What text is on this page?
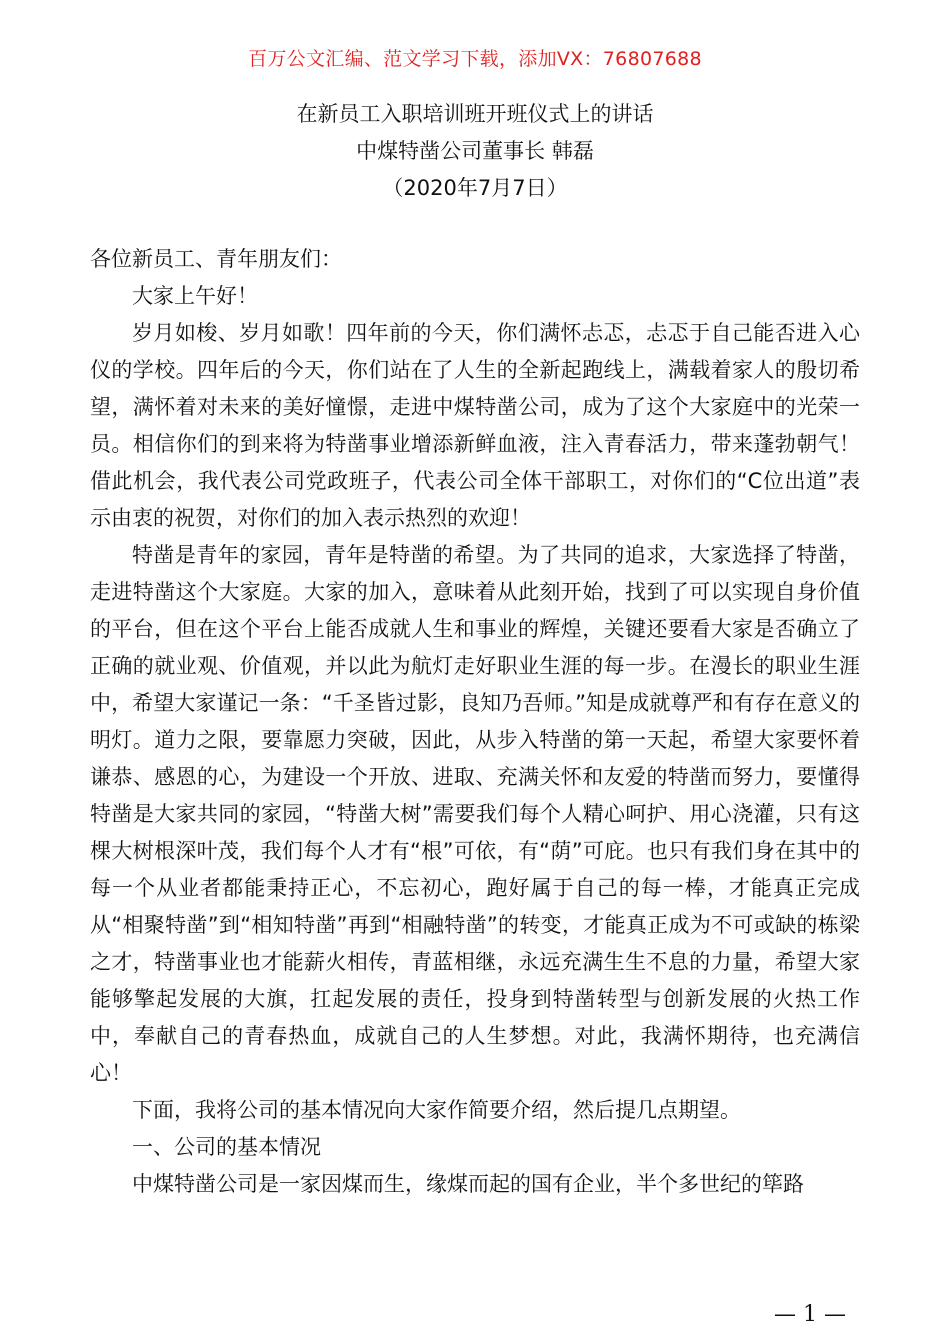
百万公文汇编、范文学习下载，添加VX：76807688
在新员工入职培训班开班仪式上的讲话
中煤特凿公司董事长 韩磊
（2020年7月7日）

各位新员工、青年朋友们：

大家上午好！

岁月如梭、岁月如歌！四年前的今天，你们满怀忐忑，忐忑于自己能否进入心仪的学校。四年后的今天，你们站在了人生的全新起跑线上，满载着家人的殷切希望，满怀着对未来的美好憧憬，走进中煤特凿公司，成为了这个大家庭中的光荣一员。相信你们的到来将为特凿事业增添新鲜血液，注入青春活力，带来蓬勃朝气！借此机会，我代表公司党政班子，代表公司全体干部职工，对你们的“C位出道”表示由衷的祝贺，对你们的加入表示热烈的欢迎！

特凿是青年的家园，青年是特凿的希望。为了共同的追求，大家选择了特凿，走进特凿这个大家庭。大家的加入，意味着从此刻开始，找到了可以实现自身价值的平台，但在这个平台上能否成就人生和事业的辉煌，关键还要看大家是否确立了正确的就业观、价值观，并以此为航灯走好职业生涯的每一步。在漫长的职业生涯中，希望大家谨记一条：“千圣皆过影，良知乃吾师。”知是成就尊严和有存在意义的明灯。道力之限，要靠愿力突破，因此，从步入特凿的第一天起，希望大家要怀着谦恭、感恩的心，为建设一个开放、进取、充满关怀和友爱的特凿而努力，要懂得特凿是大家共同的家园，“特凿大树”需要我们每个人精心呵护、用心浇灌，只有这棵大树根深叶茂，我们每个人才有“根”可依，有“荫”可庇。也只有我们身在其中的每一个从业者都能秉持正心，不忘初心，跑好属于自己的每一棒，才能真正完成从“相聚特凿”到“相知特凿”再到“相融特凿”的转变，才能真正成为不可或缺的栋梁之才，特凿事业也才能薪火相传，青蓝相继，永远充满生生不息的力量，希望大家能够擎起发展的大旗，扛起发展的责任，投身到特凿转型与创新发展的火热工作中，奉献自己的青春热血，成就自己的人生梦想。对此，我满怀期待，也充满信心！

下面，我将公司的基本情况向大家作简要介绍，然后提几点期望。

一、公司的基本情况

中煤特凿公司是一家因煤而生，缘煤而起的国有企业，半个多世纪的筚路

— 1 —
